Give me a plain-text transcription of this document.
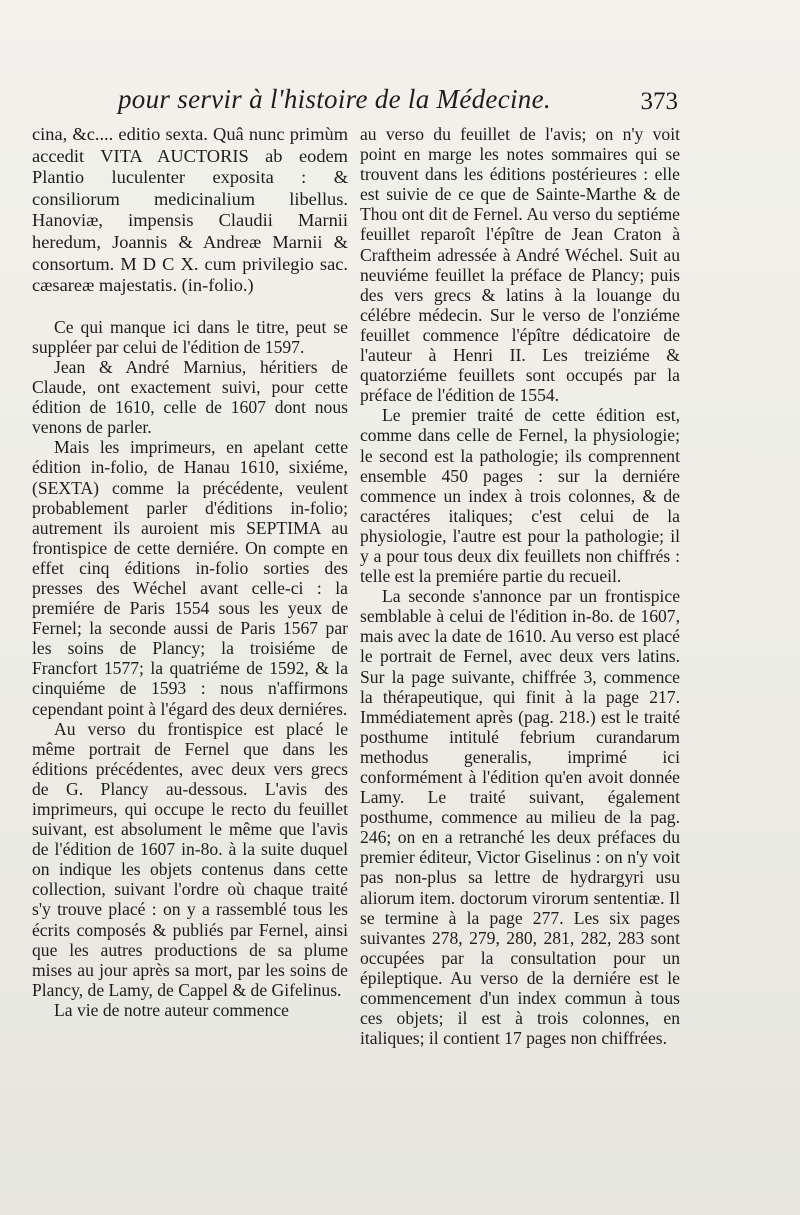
pour servir à l'histoire de la Médecine.	373

cina, &c.... editio sexta. Quâ nunc primùm accedit VITA AUCTORIS ab eodem Plantio luculenter exposita : & consiliorum medicinalium libellus. Hanoviæ, impensis Claudii Marnii heredum, Joannis & Andreæ Marnii & consortum. M D C X. cum privilegio sac. cæsareæ majestatis. (in-folio.)

Ce qui manque ici dans le titre, peut se suppléer par celui de l'édition de 1597.

Jean & André Marnius, héritiers de Claude, ont exactement suivi, pour cette édition de 1610, celle de 1607 dont nous venons de parler.

Mais les imprimeurs, en apelant cette édition in-folio, de Hanau 1610, sixiéme, (SEXTA) comme la précédente, veulent probablement parler d'éditions in-folio; autrement ils auroient mis SEPTIMA au frontispice de cette derniére. On compte en effet cinq éditions in-folio sorties des presses des Wéchel avant celle-ci : la premiére de Paris 1554 sous les yeux de Fernel; la seconde aussi de Paris 1567 par les soins de Plancy; la troisiéme de Francfort 1577; la quatriéme de 1592, & la cinquiéme de 1593 : nous n'affirmons cependant point à l'égard des deux derniéres.

Au verso du frontispice est placé le même portrait de Fernel que dans les éditions précédentes, avec deux vers grecs de G. Plancy au-dessous. L'avis des imprimeurs, qui occupe le recto du feuillet suivant, est absolument le même que l'avis de l'édition de 1607 in-8o. à la suite duquel on indique les objets contenus dans cette collection, suivant l'ordre où chaque traité s'y trouve placé : on y a rassemblé tous les écrits composés & publiés par Fernel, ainsi que les autres productions de sa plume mises au jour après sa mort, par les soins de Plancy, de Lamy, de Cappel & de Gifelinus.

La vie de notre auteur commence

au verso du feuillet de l'avis; on n'y voit point en marge les notes sommaires qui se trouvent dans les éditions postérieures : elle est suivie de ce que de Sainte-Marthe & de Thou ont dit de Fernel. Au verso du septiéme feuillet reparoît l'épître de Jean Craton à Craftheim adressée à André Wéchel. Suit au neuviéme feuillet la préface de Plancy; puis des vers grecs & latins à la louange du célébre médecin. Sur le verso de l'onziéme feuillet commence l'épître dédicatoire de l'auteur à Henri II. Les treiziéme & quatorziéme feuillets sont occupés par la préface de l'édition de 1554.

Le premier traité de cette édition est, comme dans celle de Fernel, la physiologie; le second est la pathologie; ils comprennent ensemble 450 pages : sur la derniére commence un index à trois colonnes, & de caractéres italiques; c'est celui de la physiologie, l'autre est pour la pathologie; il y a pour tous deux dix feuillets non chiffrés : telle est la premiére partie du recueil.

La seconde s'annonce par un frontispice semblable à celui de l'édition in-8o. de 1607, mais avec la date de 1610. Au verso est placé le portrait de Fernel, avec deux vers latins. Sur la page suivante, chiffrée 3, commence la thérapeutique, qui finit à la page 217. Immédiatement après (pag. 218.) est le traité posthume intitulé febrium curandarum methodus generalis, imprimé ici conformément à l'édition qu'en avoit donnée Lamy. Le traité suivant, également posthume, commence au milieu de la pag. 246; on en a retranché les deux préfaces du premier éditeur, Victor Giselinus : on n'y voit pas non-plus sa lettre de hydrargyri usu aliorum item. doctorum virorum sententiæ. Il se termine à la page 277. Les six pages suivantes 278, 279, 280, 281, 282, 283 sont occupées par la consultation pour un épileptique. Au verso de la derniére est le commencement d'un index commun à tous ces objets; il est à trois colonnes, en italiques; il contient 17 pages non chiffrées.
